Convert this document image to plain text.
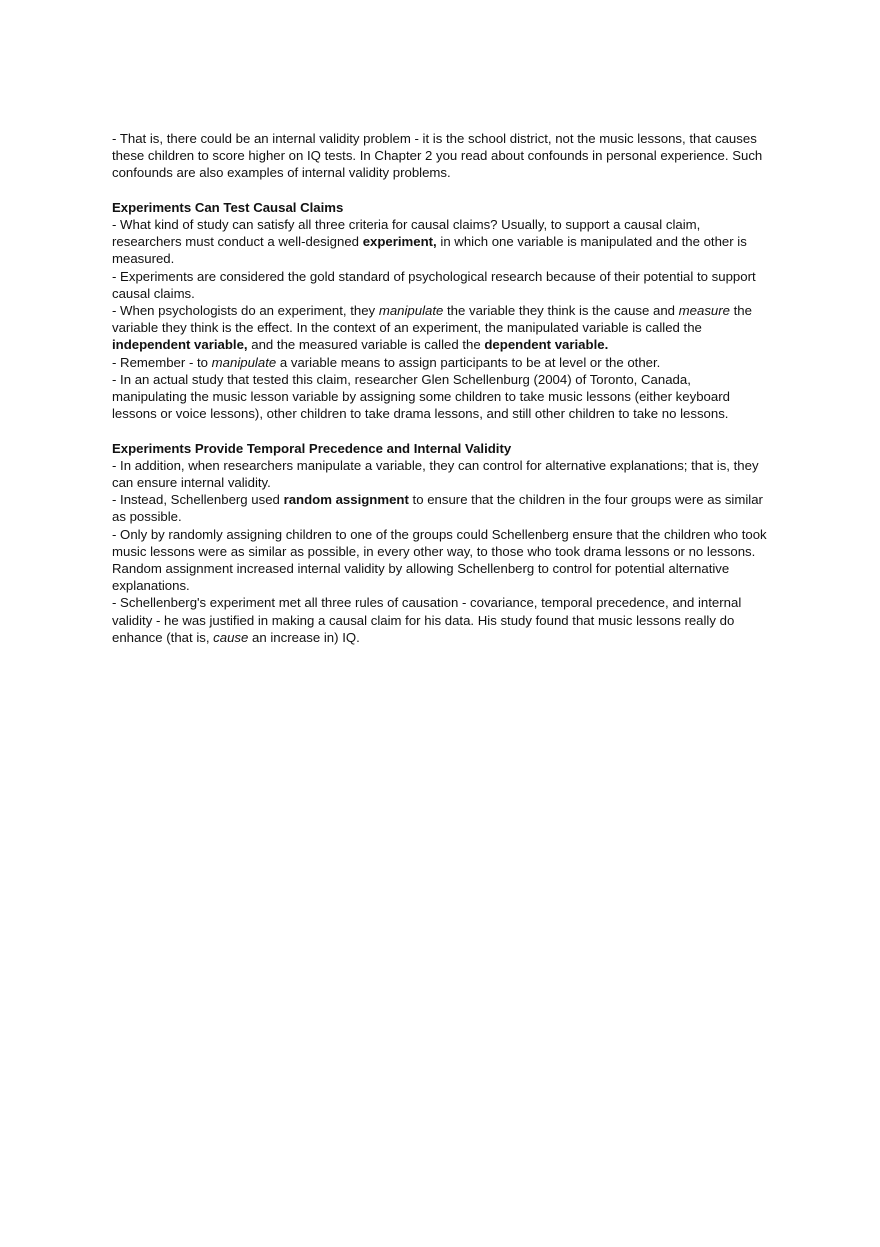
- That is, there could be an internal validity problem - it is the school district, not the music lessons, that causes these children to score higher on IQ tests. In Chapter 2 you read about confounds in personal experience. Such confounds are also examples of internal validity problems.

Experiments Can Test Causal Claims

- What kind of study can satisfy all three criteria for causal claims? Usually, to support a causal claim, researchers must conduct a well-designed experiment, in which one variable is manipulated and the other is measured.

- Experiments are considered the gold standard of psychological research because of their potential to support causal claims.

- When psychologists do an experiment, they manipulate the variable they think is the cause and measure the variable they think is the effect. In the context of an experiment, the manipulated variable is called the independent variable, and the measured variable is called the dependent variable.

- Remember - to manipulate a variable means to assign participants to be at level or the other.

- In an actual study that tested this claim, researcher Glen Schellenburg (2004) of Toronto, Canada, manipulating the music lesson variable by assigning some children to take music lessons (either keyboard lessons or voice lessons), other children to take drama lessons, and still other children to take no lessons.

Experiments Provide Temporal Precedence and Internal Validity

- In addition, when researchers manipulate a variable, they can control for alternative explanations; that is, they can ensure internal validity.

- Instead, Schellenberg used random assignment to ensure that the children in the four groups were as similar as possible.

- Only by randomly assigning children to one of the groups could Schellenberg ensure that the children who took music lessons were as similar as possible, in every other way, to those who took drama lessons or no lessons. Random assignment increased internal validity by allowing Schellenberg to control for potential alternative explanations.

- Schellenberg's experiment met all three rules of causation - covariance, temporal precedence, and internal validity - he was justified in making a causal claim for his data. His study found that music lessons really do enhance (that is, cause an increase in) IQ.
